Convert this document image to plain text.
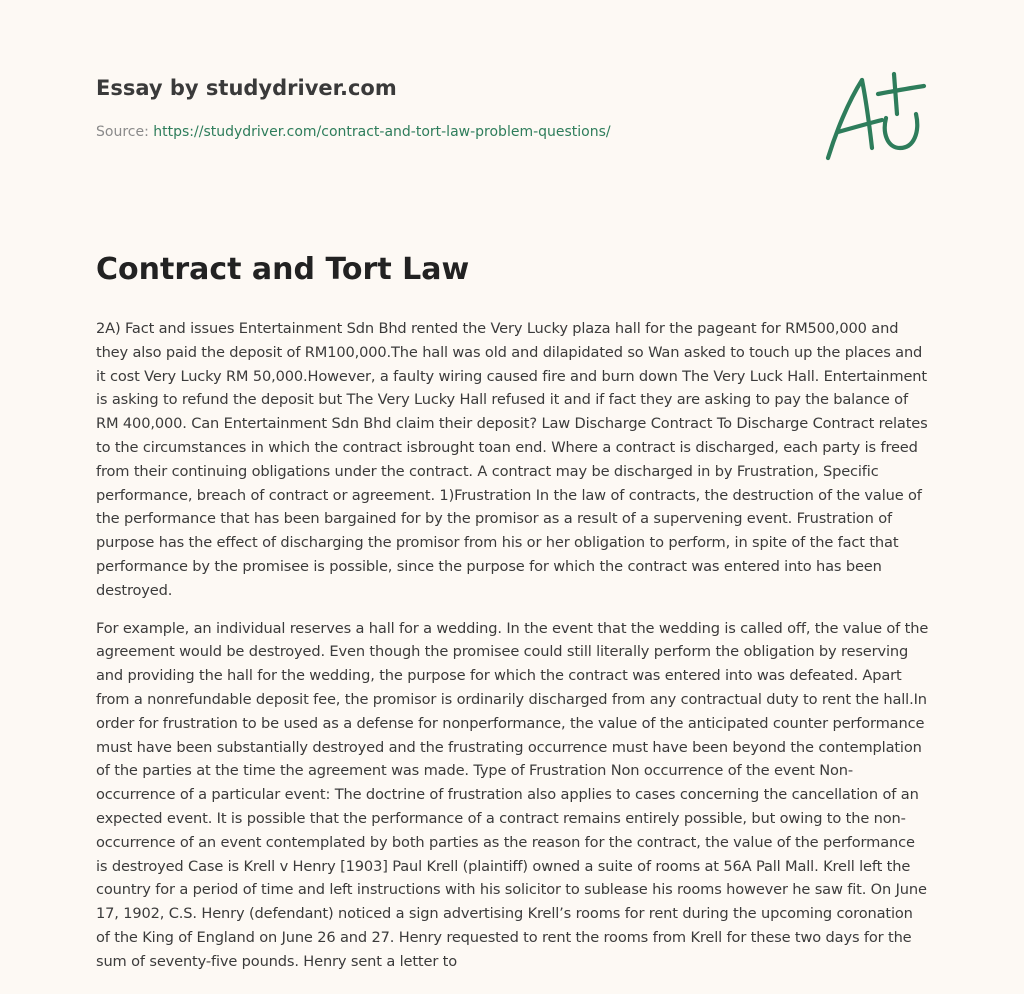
Essay by studydriver.com
Source: https://studydriver.com/contract-and-tort-law-problem-questions/
Contract and Tort Law

2A) Fact and issues Entertainment Sdn Bhd rented the Very Lucky plaza hall for the pageant for RM500,000 and they also paid the deposit of RM100,000.The hall was old and dilapidated so Wan asked to touch up the places and it cost Very Lucky RM 50,000.However, a faulty wiring caused fire and burn down The Very Luck Hall. Entertainment is asking to refund the deposit but The Very Lucky Hall refused it and if fact they are asking to pay the balance of RM 400,000. Can Entertainment Sdn Bhd claim their deposit? Law Discharge Contract To Discharge Contract relates to the circumstances in which the contract isbrought toan end. Where a contract is discharged, each party is freed from their continuing obligations under the contract. A contract may be discharged in by Frustration, Specific performance, breach of contract or agreement. 1)Frustration In the law of contracts, the destruction of the value of the performance that has been bargained for by the promisor as a result of a supervening event. Frustration of purpose has the effect of discharging the promisor from his or her obligation to perform, in spite of the fact that performance by the promisee is possible, since the purpose for which the contract was entered into has been destroyed.

For example, an individual reserves a hall for a wedding. In the event that the wedding is called off, the value of the agreement would be destroyed. Even though the promisee could still literally perform the obligation by reserving and providing the hall for the wedding, the purpose for which the contract was entered into was defeated. Apart from a nonrefundable deposit fee, the promisor is ordinarily discharged from any contractual duty to rent the hall.In order for frustration to be used as a defense for nonperformance, the value of the anticipated counter performance must have been substantially destroyed and the frustrating occurrence must have been beyond the contemplation of the parties at the time the agreement was made. Type of Frustration Non occurrence of the event Non-occurrence of a particular event: The doctrine of frustration also applies to cases concerning the cancellation of an expected event. It is possible that the performance of a contract remains entirely possible, but owing to the non-occurrence of an event contemplated by both parties as the reason for the contract, the value of the performance is destroyed Case is Krell v Henry [1903] Paul Krell (plaintiff) owned a suite of rooms at 56A Pall Mall. Krell left the country for a period of time and left instructions with his solicitor to sublease his rooms however he saw fit. On June 17, 1902, C.S. Henry (defendant) noticed a sign advertising Krell’s rooms for rent during the upcoming coronation of the King of England on June 26 and 27. Henry requested to rent the rooms from Krell for these two days for the sum of seventy-five pounds. Henry sent a letter to
